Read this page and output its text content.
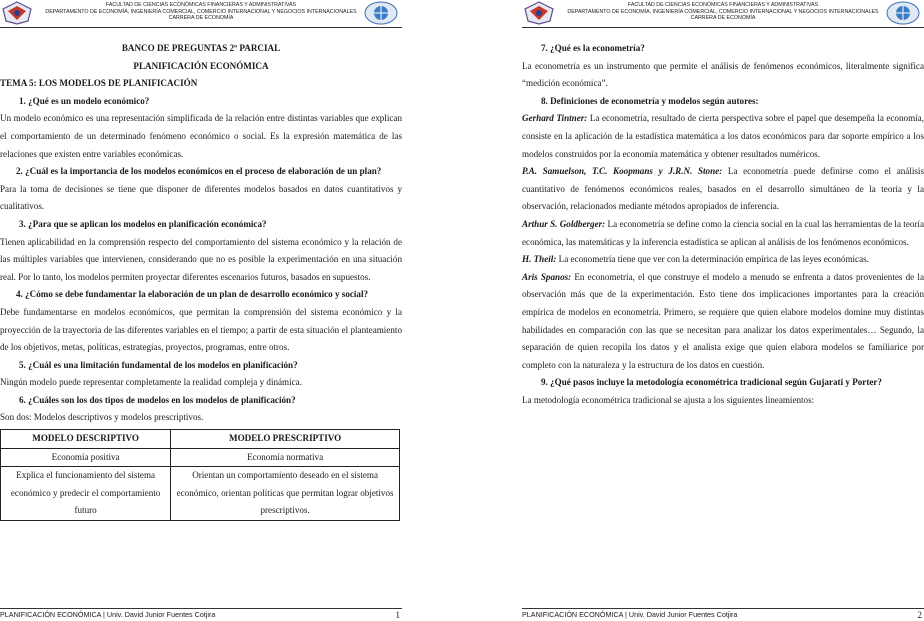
FACULTAD DE CIENCIAS ECONÓMICAS FINANCIERAS Y ADMINISTRATIVAS
DEPARTAMENTO DE ECONOMÍA, INGENIERÍA COMERCIAL, COMERCIO INTERNACIONAL Y NEGOCIOS INTERNACIONALES
CARRERA DE ECONOMÍA

BANCO DE PREGUNTAS 2º PARCIAL

PLANIFICACIÓN ECONÓMICA

TEMA 5: LOS MODELOS DE PLANIFICACIÓN

1. ¿Qué es un modelo económico?

Un modelo económico es una representación simplificada de la relación entre distintas variables que explican el comportamiento de un determinado fenómeno económico o social. Es la expresión matemática de las relaciones que existen entre variables económicas.

2. ¿Cuál es la importancia de los modelos económicos en el proceso de elaboración de un plan?

Para la toma de decisiones se tiene que disponer de diferentes modelos basados en datos cuantitativos y cualitativos.

3. ¿Para que se aplican los modelos en planificación económica?

Tienen aplicabilidad en la comprensión respecto del comportamiento del sistema económico y la relación de las múltiples variables que intervienen, considerando que no es posible la experimentación en una situación real. Por lo tanto, los modelos permiten proyectar diferentes escenarios futuros, basados en supuestos.

4. ¿Cómo se debe fundamentar la elaboración de un plan de desarrollo económico y social?

Debe fundamentarse en modelos económicos, que permitan la comprensión del sistema económico y la proyección de la trayectoria de las diferentes variables en el tiempo; a partir de esta situación el planteamiento de los objetivos, metas, políticas, estrategias, proyectos, programas, entre otros.

5. ¿Cuál es una limitación fundamental de los modelos en planificación?

Ningún modelo puede representar completamente la realidad compleja y dinámica.

6. ¿Cuáles son los dos tipos de modelos en los modelos de planificación?

Son dos: Modelos descriptivos y modelos prescriptivos.

MODELO DESCRIPTIVO	MODELO PRESCRIPTIVO
Economía positiva	Economía normativa
Explica el funcionamiento del sistema económico y predecir el comportamiento futuro	Orientan un comportamiento deseado en el sistema económico, orientan políticas que permitan lograr objetivos prescriptivos.
PLANIFICACIÓN ECONÓMICA | Univ. David Junior Fuentes Cotjira	1
FACULTAD DE CIENCIAS ECONÓMICAS FINANCIERAS Y ADMINISTRATIVAS
DEPARTAMENTO DE ECONOMÍA, INGENIERÍA COMERCIAL, COMERCIO INTERNACIONAL Y NEGOCIOS INTERNACIONALES
CARRERA DE ECONOMÍA
7. ¿Qué es la econometría?

La econometría es un instrumento que permite el análisis de fenómenos económicos, literalmente significa “medición económica”.

8. Definiciones de econometría y modelos según autores:

Gerhard Tintner: La econometría, resultado de cierta perspectiva sobre el papel que desempeña la economía, consiste en la aplicación de la estadística matemática a los datos económicos para dar soporte empírico a los modelos construidos por la economía matemática y obtener resultados numéricos.

P.A. Samuelson, T.C. Koopmans y J.R.N. Stone: La econometría puede definirse como el análisis cuantitativo de fenómenos económicos reales, basados en el desarrollo simultáneo de la teoría y la observación, relacionados mediante métodos apropiados de inferencia.

Arthur S. Goldberger: La econometría se define como la ciencia social en la cual las herramientas de la teoría económica, las matemáticas y la inferencia estadística se aplican al análisis de los fenómenos económicos.

H. Theil: La econometría tiene que ver con la determinación empírica de las leyes económicas.

Aris Spanos: En econometría, el que construye el modelo a menudo se enfrenta a datos provenientes de la observación más que de la experimentación. Esto tiene dos implicaciones importantes para la creación empírica de modelos en econometría. Primero, se requiere que quien elabore modelos domine muy distintas habilidades en comparación con las que se necesitan para analizar los datos experimentales… Segundo, la separación de quien recopila los datos y el analista exige que quien elabora modelos se familiarice por completo con la naturaleza y la estructura de los datos en cuestión.

9. ¿Qué pasos incluye la metodología econométrica tradicional según Gujarati y Porter?

La metodología econométrica tradicional se ajusta a los siguientes lineamientos:

PLANIFICACIÓN ECONÓMICA | Univ. David Junior Fuentes Cotjira	2
